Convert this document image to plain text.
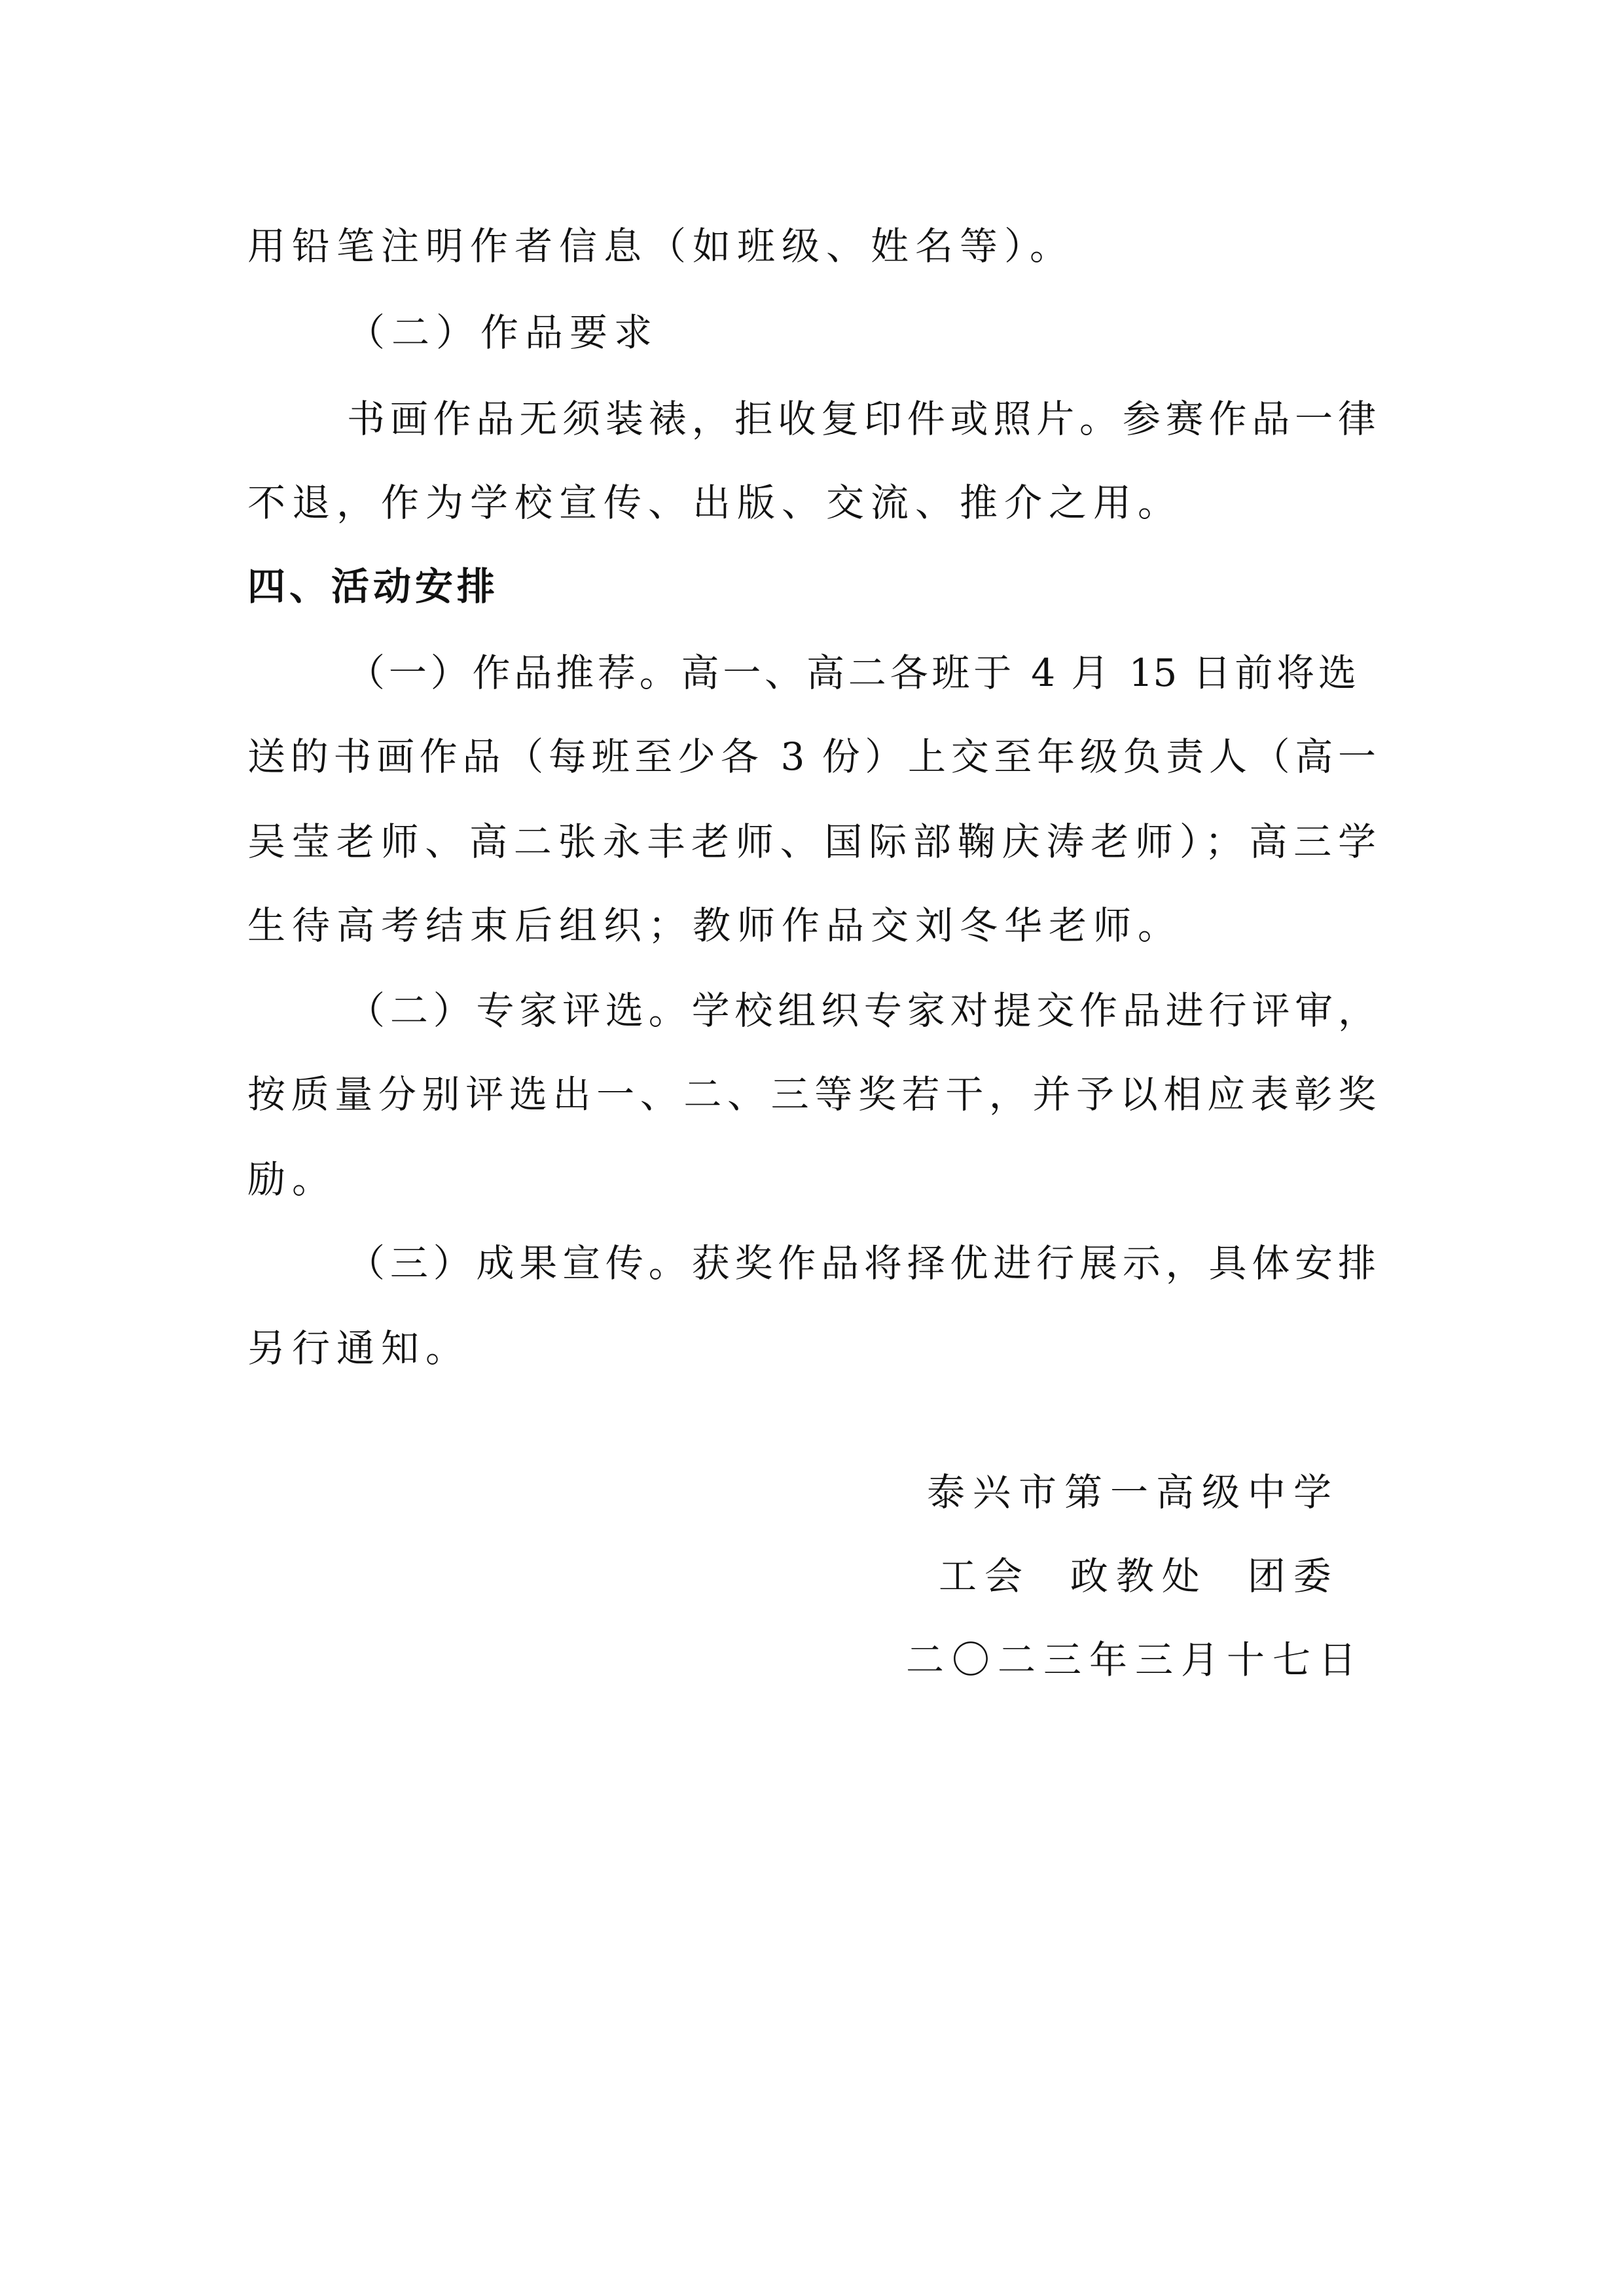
用铅笔注明作者信息（如班级、姓名等）。

（二）作品要求

书画作品无须装裱，拒收复印件或照片。参赛作品一律

不退，作为学校宣传、出版、交流、推介之用。

四、活动安排

（一）作品推荐。高一、高二各班于 4 月 15 日前将选

送的书画作品（每班至少各 3 份）上交至年级负责人（高一

吴莹老师、高二张永丰老师、国际部鞠庆涛老师）；高三学

生待高考结束后组织；教师作品交刘冬华老师。

（二）专家评选。学校组织专家对提交作品进行评审，

按质量分别评选出一、二、三等奖若干，并予以相应表彰奖

励。

（三）成果宣传。获奖作品将择优进行展示，具体安排

另行通知。

泰兴市第一高级中学

工会  政教处  团委

二〇二三年三月十七日
